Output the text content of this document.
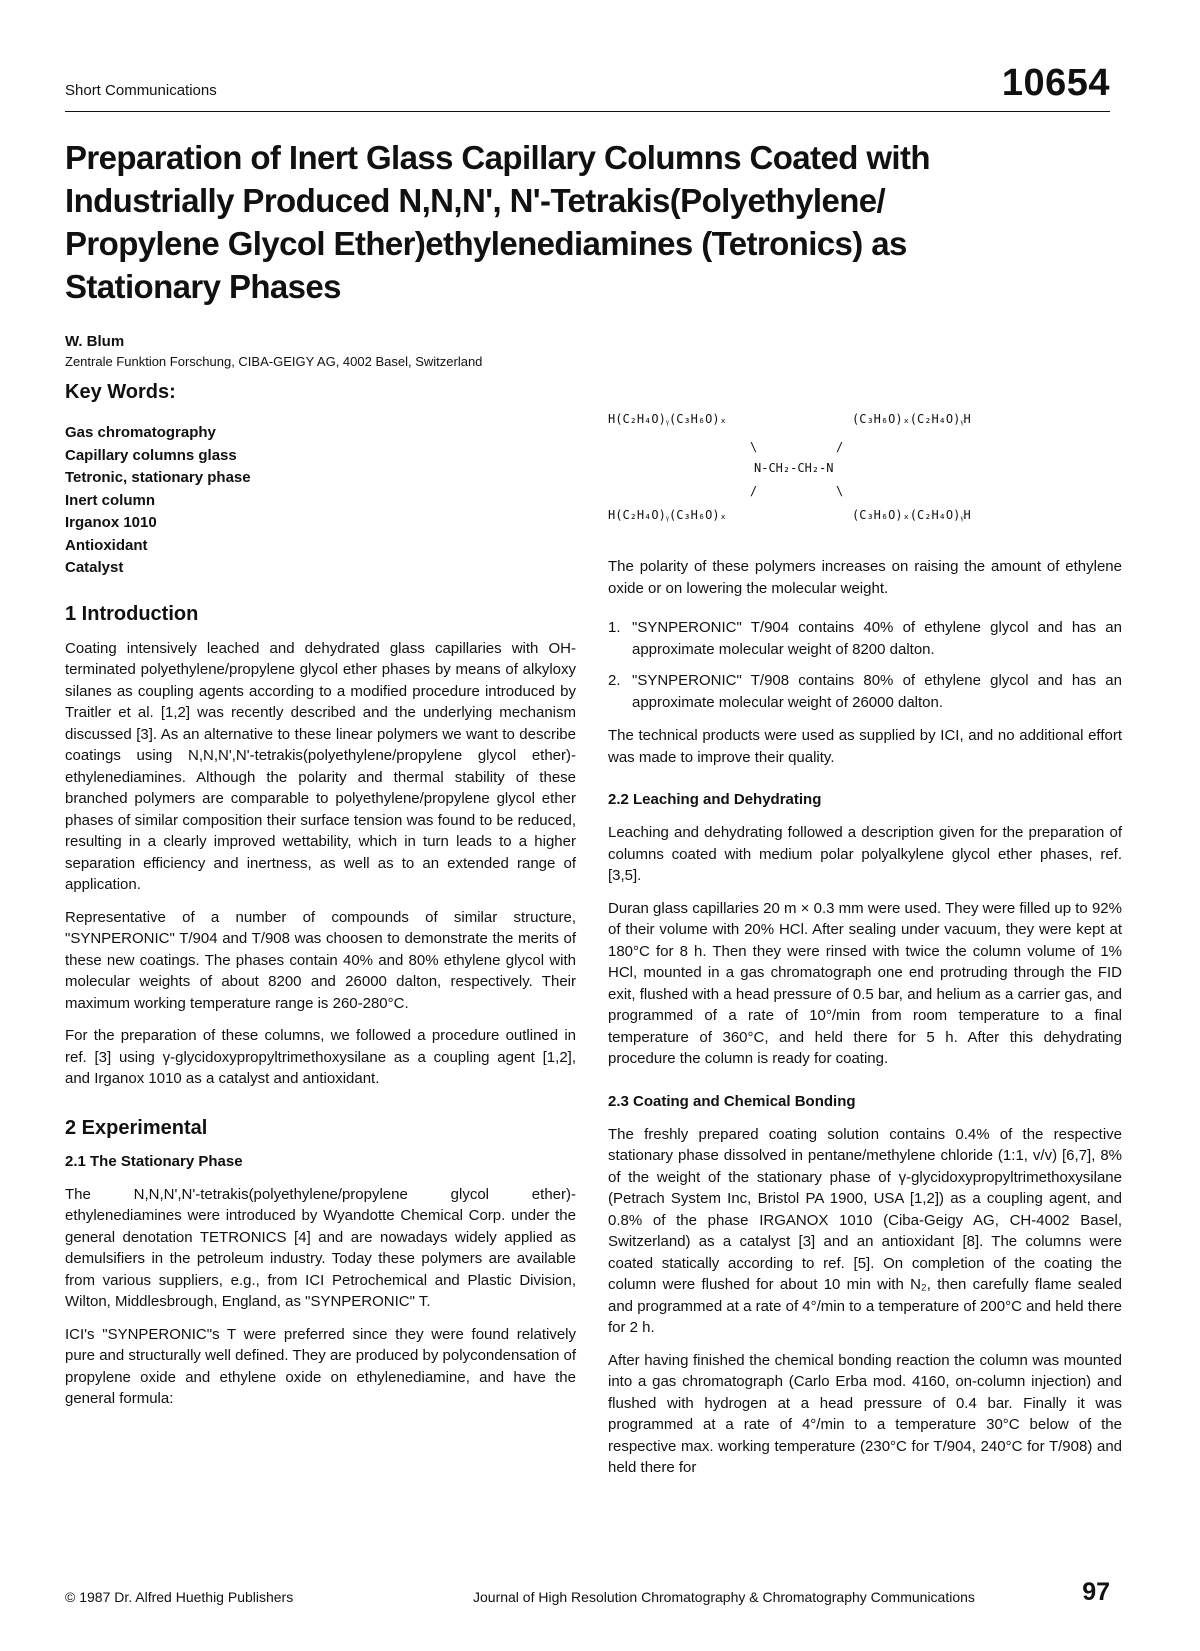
Short Communications	10654
Preparation of Inert Glass Capillary Columns Coated with
Industrially Produced N,N,N', N'-Tetrakis(Polyethylene/
Propylene Glycol Ether)ethylenediamines (Tetronics) as
Stationary Phases
W. Blum
Zentrale Funktion Forschung, CIBA-GEIGY AG, 4002 Basel, Switzerland
Key Words:
Gas chromatography
Capillary columns glass
Tetronic, stationary phase
Inert column
Irganox 1010
Antioxidant
Catalyst
1 Introduction

Coating intensively leached and dehydrated glass capillaries with OH-terminated polyethylene/propylene glycol ether phases by means of alkyloxy silanes as coupling agents according to a modified procedure introduced by Traitler et al. [1,2] was recently described and the underlying mechanism discussed [3]. As an alternative to these linear polymers we want to describe coatings using N,N,N',N'-tetrakis(polyethylene/propylene glycol ether)-ethylenediamines. Although the polarity and thermal stability of these branched polymers are comparable to polyethylene/propylene glycol ether phases of similar composition their surface tension was found to be reduced, resulting in a clearly improved wettability, which in turn leads to a higher separation efficiency and inertness, as well as to an extended range of application.

Representative of a number of compounds of similar structure, "SYNPERONIC" T/904 and T/908 was choosen to demonstrate the merits of these new coatings. The phases contain 40% and 80% ethylene glycol with molecular weights of about 8200 and 26000 dalton, respectively. Their maximum working temperature range is 260-280°C.

For the preparation of these columns, we followed a procedure outlined in ref. [3] using γ-glycidoxypropyltrimethoxysilane as a coupling agent [1,2], and Irganox 1010 as a catalyst and antioxidant.

2 Experimental
2.1 The Stationary Phase

The N,N,N',N'-tetrakis(polyethylene/propylene glycol ether)-ethylenediamines were introduced by Wyandotte Chemical Corp. under the general denotation TETRONICS [4] and are nowadays widely applied as demulsifiers in the petroleum industry. Today these polymers are available from various suppliers, e.g., from ICI Petrochemical and Plastic Division, Wilton, Middlesbrough, England, as "SYNPERONIC" T.

ICI's "SYNPERONIC"s T were preferred since they were found relatively pure and structurally well defined. They are produced by polycondensation of propylene oxide and ethylene oxide on ethylenediamine, and have the general formula:

H(C₂H₄O)ᵧ(C₃H₆O)ₓ	(C₃H₆O)ₓ(C₂H₄O)ᵧH
\	/
N-CH₂-CH₂-N
/	\
H(C₂H₄O)ᵧ(C₃H₆O)ₓ	(C₃H₆O)ₓ(C₂H₄O)ᵧH

The polarity of these polymers increases on raising the amount of ethylene oxide or on lowering the molecular weight.

1. "SYNPERONIC" T/904 contains 40% of ethylene glycol and has an approximate molecular weight of 8200 dalton.
2. "SYNPERONIC" T/908 contains 80% of ethylene glycol and has an approximate molecular weight of 26000 dalton.

The technical products were used as supplied by ICI, and no additional effort was made to improve their quality.

2.2 Leaching and Dehydrating

Leaching and dehydrating followed a description given for the preparation of columns coated with medium polar polyalkylene glycol ether phases, ref. [3,5].

Duran glass capillaries 20 m × 0.3 mm were used. They were filled up to 92% of their volume with 20% HCl. After sealing under vacuum, they were kept at 180°C for 8 h. Then they were rinsed with twice the column volume of 1% HCl, mounted in a gas chromatograph one end protruding through the FID exit, flushed with a head pressure of 0.5 bar, and helium as a carrier gas, and programmed of a rate of 10°/min from room temperature to a final temperature of 360°C, and held there for 5 h. After this dehydrating procedure the column is ready for coating.

2.3 Coating and Chemical Bonding

The freshly prepared coating solution contains 0.4% of the respective stationary phase dissolved in pentane/methylene chloride (1:1, v/v) [6,7], 8% of the weight of the stationary phase of γ-glycidoxypropyltrimethoxysilane (Petrach System Inc, Bristol PA 1900, USA [1,2]) as a coupling agent, and 0.8% of the phase IRGANOX 1010 (Ciba-Geigy AG, CH-4002 Basel, Switzerland) as a catalyst [3] and an antioxidant [8]. The columns were coated statically according to ref. [5]. On completion of the coating the column were flushed for about 10 min with N₂, then carefully flame sealed and programmed at a rate of 4°/min to a temperature of 200°C and held there for 2 h.

After having finished the chemical bonding reaction the column was mounted into a gas chromatograph (Carlo Erba mod. 4160, on-column injection) and flushed with hydrogen at a head pressure of 0.4 bar. Finally it was programmed at a rate of 4°/min to a temperature 30°C below of the respective max. working temperature (230°C for T/904, 240°C for T/908) and held there for

© 1987 Dr. Alfred Huethig Publishers	Journal of High Resolution Chromatography & Chromatography Communications	97
